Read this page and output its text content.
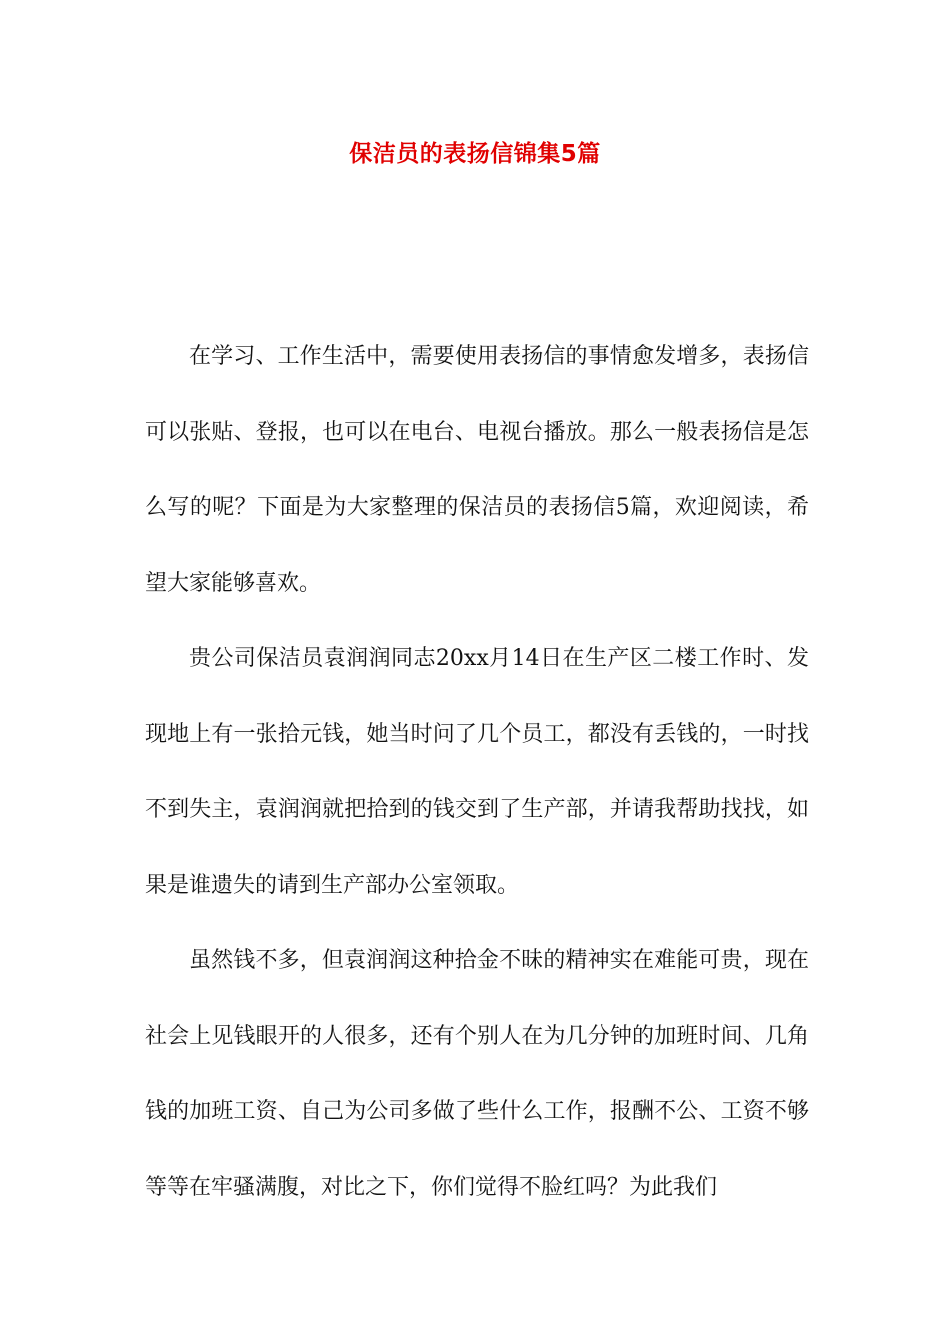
保洁员的表扬信锦集5篇

在学习、工作生活中，需要使用表扬信的事情愈发增多，表扬信可以张贴、登报，也可以在电台、电视台播放。那么一般表扬信是怎么写的呢？下面是为大家整理的保洁员的表扬信5篇，欢迎阅读，希望大家能够喜欢。

贵公司保洁员袁润润同志20xx月14日在生产区二楼工作时、发现地上有一张拾元钱，她当时问了几个员工，都没有丢钱的，一时找不到失主，袁润润就把拾到的钱交到了生产部，并请我帮助找找，如果是谁遗失的请到生产部办公室领取。

虽然钱不多，但袁润润这种拾金不昧的精神实在难能可贵，现在社会上见钱眼开的人很多，还有个别人在为几分钟的加班时间、几角钱的加班工资、自己为公司多做了些什么工作，报酬不公、工资不够等等在牢骚满腹，对比之下，你们觉得不脸红吗？为此我们
